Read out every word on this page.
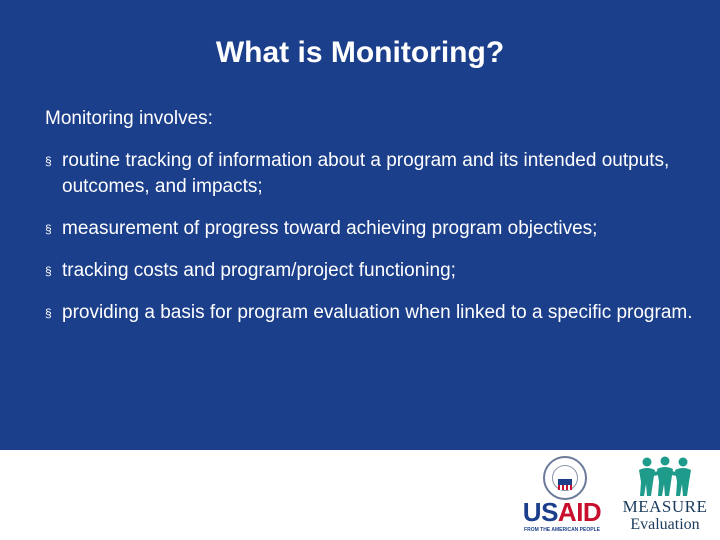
What is Monitoring?
Monitoring involves:
§ routine tracking of information about a program and its intended outputs, outcomes, and impacts;
§ measurement of progress toward achieving program objectives;
§ tracking costs and program/project functioning;
§ providing a basis for program evaluation when linked to a specific program.
USAID
FROM THE AMERICAN PEOPLE
MEASURE
Evaluation
